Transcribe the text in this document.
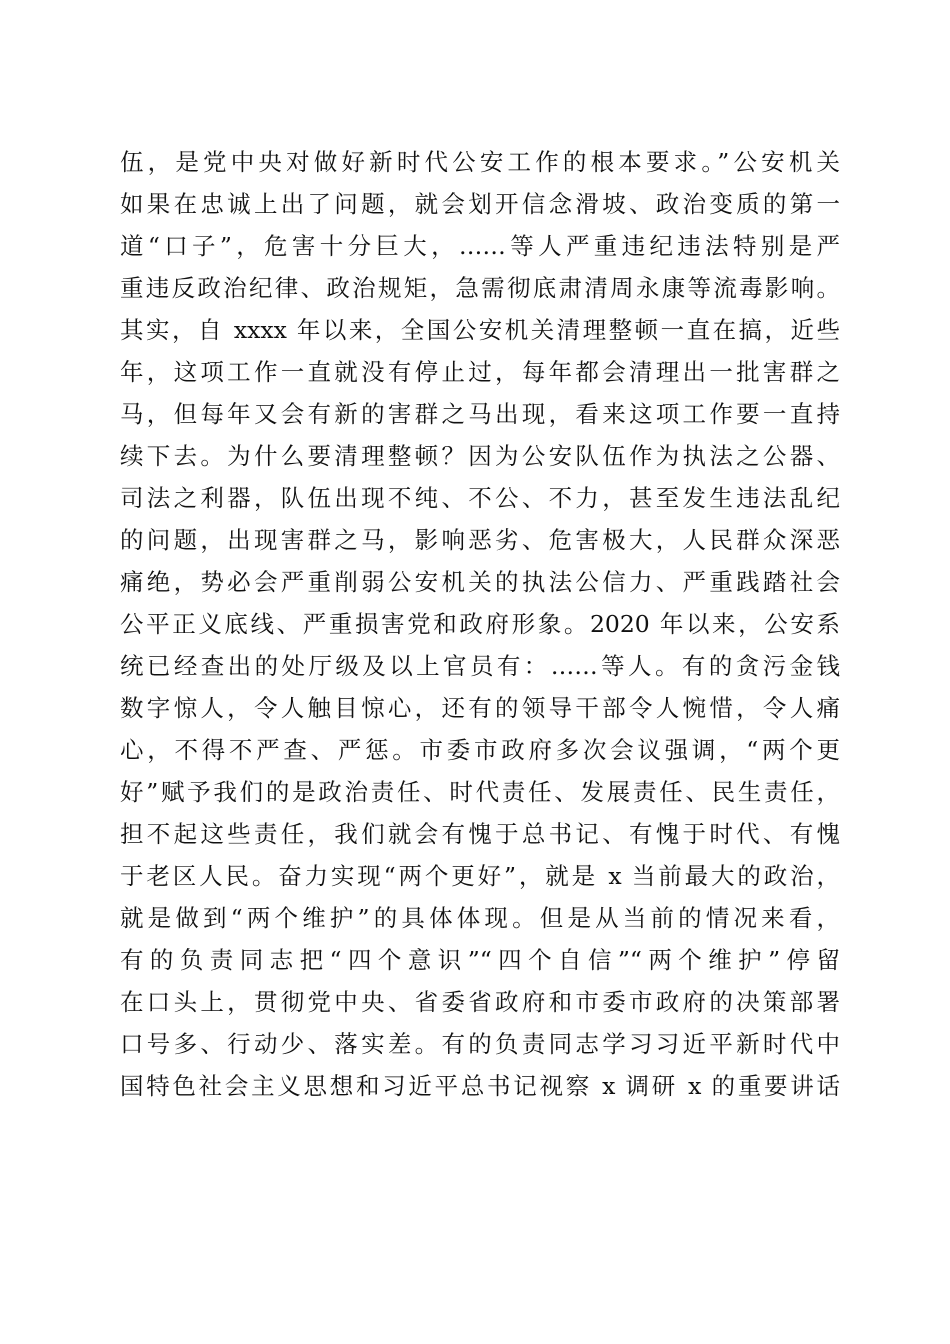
伍，是党中央对做好新时代公安工作的根本要求。”公安机关
如果在忠诚上出了问题，就会划开信念滑坡、政治变质的第一
道“口子”，危害十分巨大，……等人严重违纪违法特别是严
重违反政治纪律、政治规矩，急需彻底肃清周永康等流毒影响。
其实，自 xxxx 年以来，全国公安机关清理整顿一直在搞，近些
年，这项工作一直就没有停止过，每年都会清理出一批害群之
马，但每年又会有新的害群之马出现，看来这项工作要一直持
续下去。为什么要清理整顿？因为公安队伍作为执法之公器、
司法之利器，队伍出现不纯、不公、不力，甚至发生违法乱纪
的问题，出现害群之马，影响恶劣、危害极大，人民群众深恶
痛绝，势必会严重削弱公安机关的执法公信力、严重践踏社会
公平正义底线、严重损害党和政府形象。2020 年以来，公安系
统已经查出的处厅级及以上官员有：……等人。有的贪污金钱
数字惊人，令人触目惊心，还有的领导干部令人惋惜，令人痛
心，不得不严查、严惩。市委市政府多次会议强调，“两个更
好”赋予我们的是政治责任、时代责任、发展责任、民生责任，
担不起这些责任，我们就会有愧于总书记、有愧于时代、有愧
于老区人民。奋力实现“两个更好”，就是 x 当前最大的政治，
就是做到“两个维护”的具体体现。但是从当前的情况来看，
有的负责同志把“四个意识”“四个自信”“两个维护”停留
在口头上，贯彻党中央、省委省政府和市委市政府的决策部署
口号多、行动少、落实差。有的负责同志学习习近平新时代中
国特色社会主义思想和习近平总书记视察 x 调研 x 的重要讲话
